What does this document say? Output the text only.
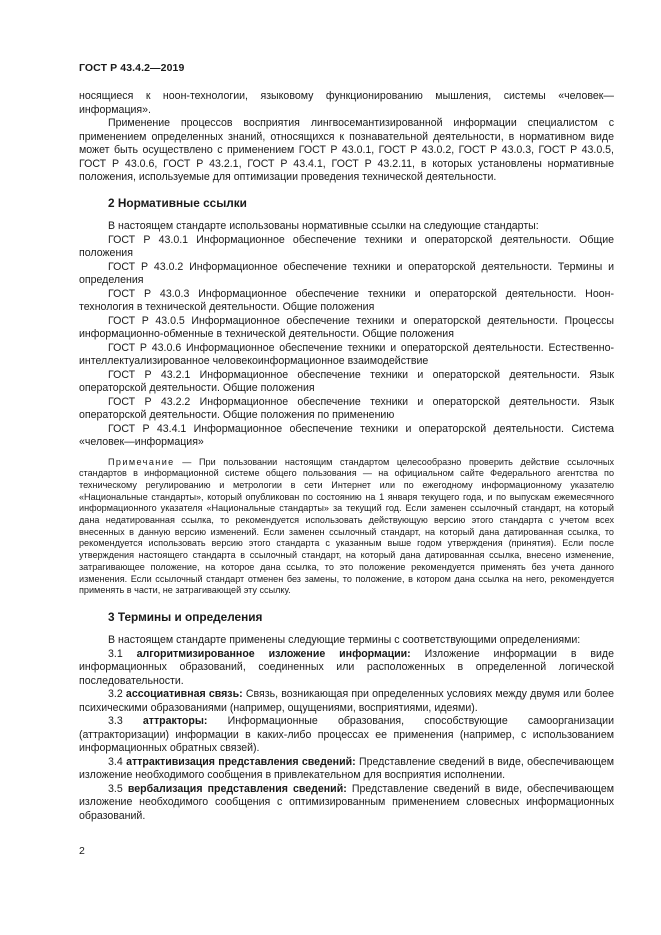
ГОСТ Р 43.4.2—2019

носящиеся к ноон-технологии, языковому функционированию мышления, системы «человек—информация».

Применение процессов восприятия лингвосемантизированной информации специалистом с применением определенных знаний, относящихся к познавательной деятельности, в нормативном виде может быть осуществлено с применением ГОСТ Р 43.0.1, ГОСТ Р 43.0.2, ГОСТ Р 43.0.3, ГОСТ Р 43.0.5, ГОСТ Р 43.0.6, ГОСТ Р 43.2.1, ГОСТ Р 43.4.1, ГОСТ Р 43.2.11, в которых установлены нормативные положения, используемые для оптимизации проведения технической деятельности.

2 Нормативные ссылки

В настоящем стандарте использованы нормативные ссылки на следующие стандарты:

ГОСТ Р 43.0.1 Информационное обеспечение техники и операторской деятельности. Общие положения

ГОСТ Р 43.0.2 Информационное обеспечение техники и операторской деятельности. Термины и определения

ГОСТ Р 43.0.3 Информационное обеспечение техники и операторской деятельности. Ноон-технология в технической деятельности. Общие положения

ГОСТ Р 43.0.5 Информационное обеспечение техники и операторской деятельности. Процессы информационно-обменные в технической деятельности. Общие положения

ГОСТ Р 43.0.6 Информационное обеспечение техники и операторской деятельности. Естественно-интеллектуализированное человекоинформационное взаимодействие

ГОСТ Р 43.2.1 Информационное обеспечение техники и операторской деятельности. Язык операторской деятельности. Общие положения

ГОСТ Р 43.2.2 Информационное обеспечение техники и операторской деятельности. Язык операторской деятельности. Общие положения по применению

ГОСТ Р 43.4.1 Информационное обеспечение техники и операторской деятельности. Система «человек—информация»

Примечание — При пользовании настоящим стандартом целесообразно проверить действие ссылочных стандартов в информационной системе общего пользования — на официальном сайте Федерального агентства по техническому регулированию и метрологии в сети Интернет или по ежегодному информационному указателю «Национальные стандарты», который опубликован по состоянию на 1 января текущего года, и по выпускам ежемесячного информационного указателя «Национальные стандарты» за текущий год. Если заменен ссылочный стандарт, на который дана недатированная ссылка, то рекомендуется использовать действующую версию этого стандарта с учетом всех внесенных в данную версию изменений. Если заменен ссылочный стандарт, на который дана датированная ссылка, то рекомендуется использовать версию этого стандарта с указанным выше годом утверждения (принятия). Если после утверждения настоящего стандарта в ссылочный стандарт, на который дана датированная ссылка, внесено изменение, затрагивающее положение, на которое дана ссылка, то это положение рекомендуется применять без учета данного изменения. Если ссылочный стандарт отменен без замены, то положение, в котором дана ссылка на него, рекомендуется применять в части, не затрагивающей эту ссылку.

3 Термины и определения

В настоящем стандарте применены следующие термины с соответствующими определениями:

3.1 алгоритмизированное изложение информации: Изложение информации в виде информационных образований, соединенных или расположенных в определенной логической последовательности.

3.2 ассоциативная связь: Связь, возникающая при определенных условиях между двумя или более психическими образованиями (например, ощущениями, восприятиями, идеями).

3.3 аттракторы: Информационные образования, способствующие самоорганизации (аттракторизации) информации в каких-либо процессах ее применения (например, с использованием информационных обратных связей).

3.4 аттрактивизация представления сведений: Представление сведений в виде, обеспечивающем изложение необходимого сообщения в привлекательном для восприятия исполнении.

3.5 вербализация представления сведений: Представление сведений в виде, обеспечивающем изложение необходимого сообщения с оптимизированным применением словесных информационных образований.

2
